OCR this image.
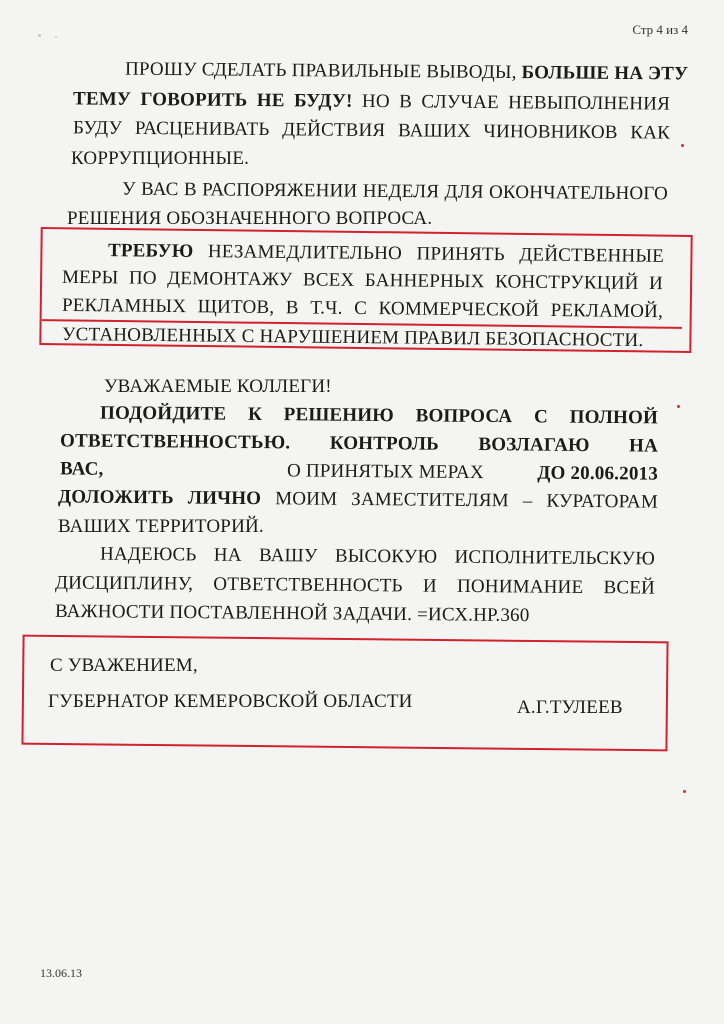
Стр 4 из 4
ПРОШУ СДЕЛАТЬ ПРАВИЛЬНЫЕ ВЫВОДЫ, БОЛЬШЕ НА ЭТУ
ТЕМУ ГОВОРИТЬ НЕ БУДУ! НО В СЛУЧАЕ НЕВЫПОЛНЕНИЯ
БУДУ РАСЦЕНИВАТЬ ДЕЙСТВИЯ ВАШИХ ЧИНОВНИКОВ КАК
КОРРУПЦИОННЫЕ.
У ВАС В РАСПОРЯЖЕНИИ НЕДЕЛЯ ДЛЯ ОКОНЧАТЕЛЬНОГО
РЕШЕНИЯ ОБОЗНАЧЕННОГО ВОПРОСА.
ТРЕБУЮ НЕЗАМЕДЛИТЕЛЬНО ПРИНЯТЬ ДЕЙСТВЕННЫЕ
МЕРЫ ПО ДЕМОНТАЖУ ВСЕХ БАННЕРНЫХ КОНСТРУКЦИЙ И
РЕКЛАМНЫХ ЩИТОВ, В Т.Ч. С КОММЕРЧЕСКОЙ РЕКЛАМОЙ,
УСТАНОВЛЕННЫХ С НАРУШЕНИЕМ ПРАВИЛ БЕЗОПАСНОСТИ.
УВАЖАЕМЫЕ КОЛЛЕГИ!
ПОДОЙДИТЕ К РЕШЕНИЮ ВОПРОСА С ПОЛНОЙ
ОТВЕТСТВЕННОСТЬЮ. КОНТРОЛЬ ВОЗЛАГАЮ НА
ВАС,	О ПРИНЯТЫХ МЕРАХ	ДО 20.06.2013
ДОЛОЖИТЬ ЛИЧНО МОИМ ЗАМЕСТИТЕЛЯМ – КУРАТОРАМ
ВАШИХ ТЕРРИТОРИЙ.
НАДЕЮСЬ НА ВАШУ ВЫСОКУЮ ИСПОЛНИТЕЛЬСКУЮ
ДИСЦИПЛИНУ, ОТВЕТСТВЕННОСТЬ И ПОНИМАНИЕ ВСЕЙ
ВАЖНОСТИ ПОСТАВЛЕННОЙ ЗАДАЧИ. =ИСХ.НР.360
С УВАЖЕНИЕМ,
ГУБЕРНАТОР КЕМЕРОВСКОЙ ОБЛАСТИ	А.Г.ТУЛЕЕВ
13.06.13
